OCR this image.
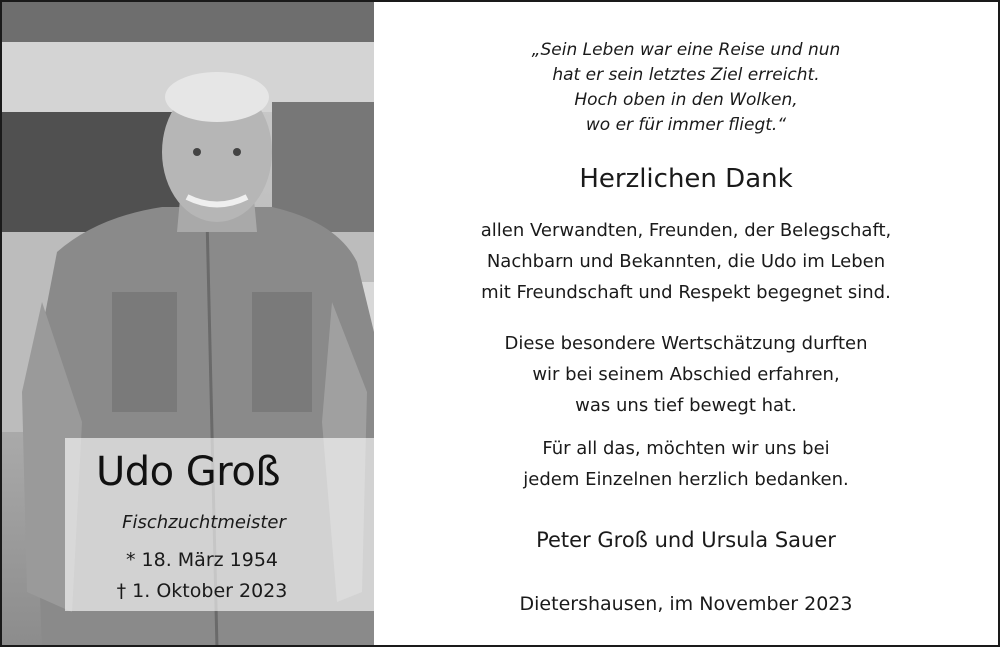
Udo Groß
Fischzuchtmeister
* 18. März 1954
† 1. Oktober 2023
„Sein Leben war eine Reise und nun
hat er sein letztes Ziel erreicht.
Hoch oben in den Wolken,
wo er für immer fliegt.“
Herzlichen Dank
allen Verwandten, Freunden, der Belegschaft,
Nachbarn und Bekannten, die Udo im Leben
mit Freundschaft und Respekt begegnet sind.
Diese besondere Wertschätzung durften
wir bei seinem Abschied erfahren,
was uns tief bewegt hat.
Für all das, möchten wir uns bei
jedem Einzelnen herzlich bedanken.
Peter Groß und Ursula Sauer
Dietershausen, im November 2023
